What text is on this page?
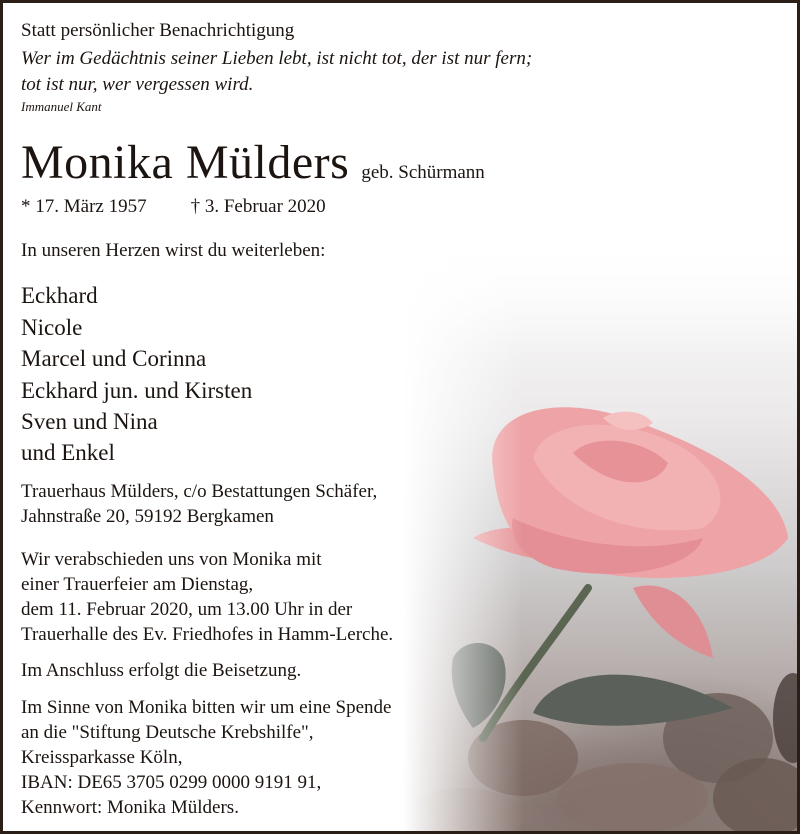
Statt persönlicher Benachrichtigung
Wer im Gedächtnis seiner Lieben lebt, ist nicht tot, der ist nur fern;
tot ist nur, wer vergessen wird.
Immanuel Kant
Monika Mülders geb. Schürmann
* 17. März 1957 † 3. Februar 2020
In unseren Herzen wirst du weiterleben:
Eckhard
Nicole
Marcel und Corinna
Eckhard jun. und Kirsten
Sven und Nina
und Enkel
Trauerhaus Mülders, c/o Bestattungen Schäfer,
Jahnstraße 20, 59192 Bergkamen
Wir verabschieden uns von Monika mit
einer Trauerfeier am Dienstag,
dem 11. Februar 2020, um 13.00 Uhr in der
Trauerhalle des Ev. Friedhofes in Hamm-Lerche.
Im Anschluss erfolgt die Beisetzung.
Im Sinne von Monika bitten wir um eine Spende
an die "Stiftung Deutsche Krebshilfe",
Kreissparkasse Köln,
IBAN: DE65 3705 0299 0000 9191 91,
Kennwort: Monika Mülders.
